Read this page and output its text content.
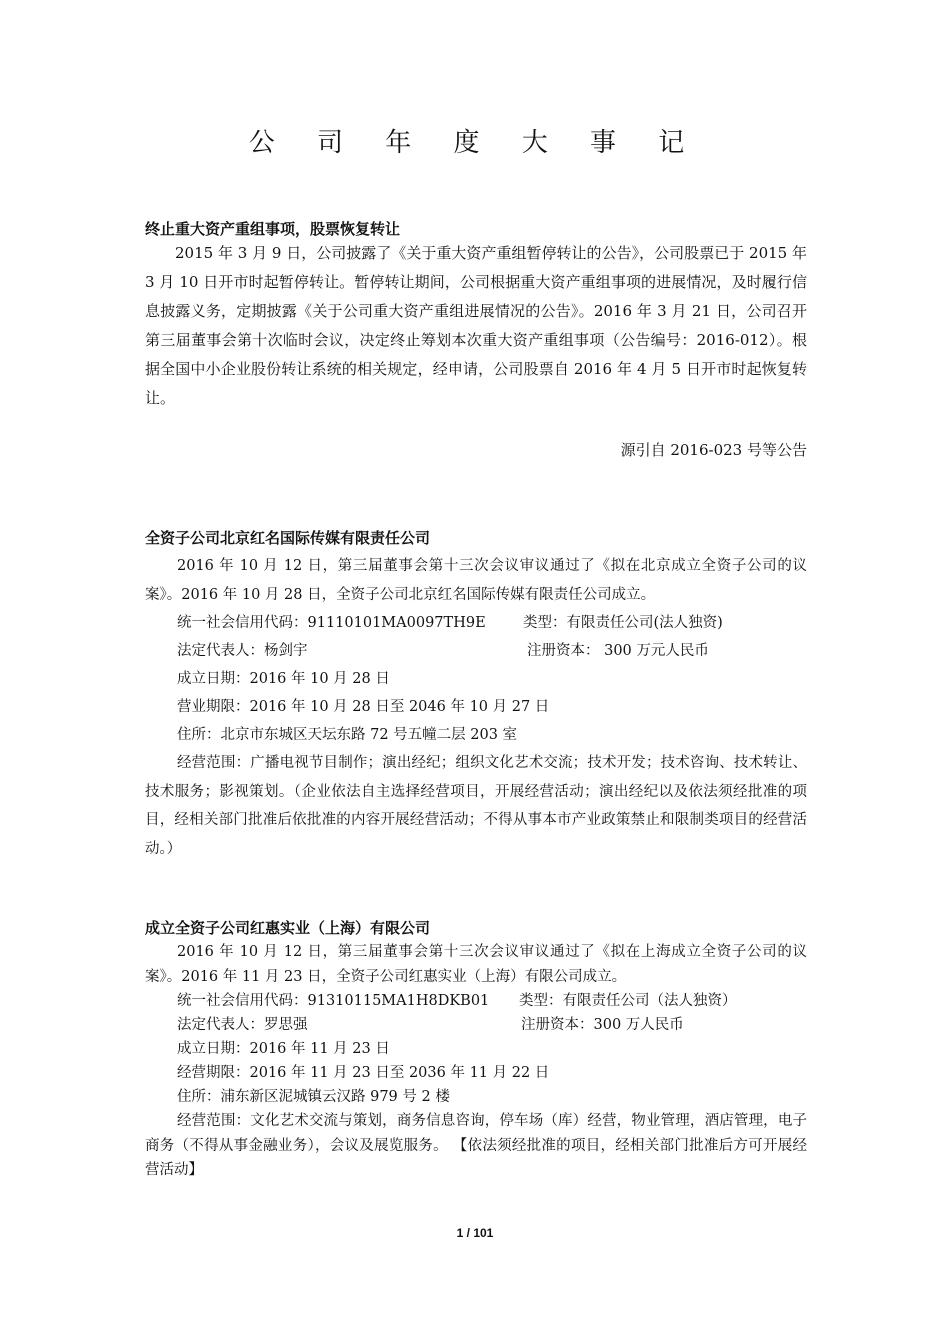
公 司 年 度 大 事 记
终止重大资产重组事项，股票恢复转让

2015 年 3 月 9 日，公司披露了《关于重大资产重组暂停转让的公告》，公司股票已于 2015 年 3 月 10 日开市时起暂停转让。暂停转让期间，公司根据重大资产重组事项的进展情况，及时履行信息披露义务，定期披露《关于公司重大资产重组进展情况的公告》。2016 年 3 月 21 日，公司召开第三届董事会第十次临时会议，决定终止筹划本次重大资产重组事项（公告编号：2016-012）。根据全国中小企业股份转让系统的相关规定，经申请，公司股票自 2016 年 4 月 5 日开市时起恢复转让。

源引自 2016-023 号等公告

全资子公司北京红名国际传媒有限责任公司

2016 年 10 月 12 日，第三届董事会第十三次会议审议通过了《拟在北京成立全资子公司的议案》。2016 年 10 月 28 日，全资子公司北京红名国际传媒有限责任公司成立。

统一社会信用代码：91110101MA0097TH9E	类型：有限责任公司(法人独资)
法定代表人：杨剑宇	注册资本： 300 万元人民币
成立日期：2016 年 10 月 28 日
营业期限：2016 年 10 月 28 日至 2046 年 10 月 27 日
住所：北京市东城区天坛东路 72 号五幢二层 203 室

经营范围：广播电视节目制作；演出经纪；组织文化艺术交流；技术开发；技术咨询、技术转让、技术服务；影视策划。（企业依法自主选择经营项目，开展经营活动；演出经纪以及依法须经批准的项目，经相关部门批准后依批准的内容开展经营活动；不得从事本市产业政策禁止和限制类项目的经营活动。）

成立全资子公司红惠实业（上海）有限公司

2016 年 10 月 12 日，第三届董事会第十三次会议审议通过了《拟在上海成立全资子公司的议案》。2016 年 11 月 23 日，全资子公司红惠实业（上海）有限公司成立。

统一社会信用代码：91310115MA1H8DKB01 类型：有限责任公司（法人独资）
法定代表人：罗思强	注册资本：300 万人民币
成立日期：2016 年 11 月 23 日
经营期限：2016 年 11 月 23 日至 2036 年 11 月 22 日
住所：浦东新区泥城镇云汉路 979 号 2 楼

经营范围：文化艺术交流与策划，商务信息咨询，停车场（库）经营，物业管理，酒店管理，电子商务（不得从事金融业务），会议及展览服务。 【依法须经批准的项目，经相关部门批准后方可开展经营活动】

1 / 101
